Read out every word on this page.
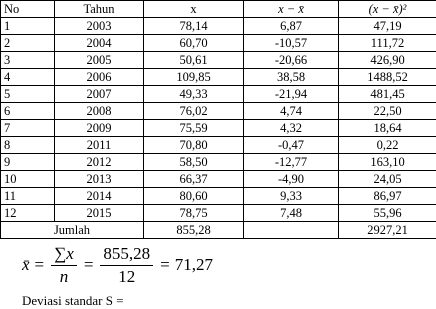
No	Tahun	x	x − x̄	(x − x̄)²
1	2003	78,14	6,87	47,19
2	2004	60,70	-10,57	111,72
3	2005	50,61	-20,66	426,90
4	2006	109,85	38,58	1488,52
5	2007	49,33	-21,94	481,45
6	2008	76,02	4,74	22,50
7	2009	75,59	4,32	18,64
8	2011	70,80	-0,47	0,22
9	2012	58,50	-12,77	163,10
10	2013	66,37	-4,90	24,05
11	2014	80,60	9,33	86,97
12	2015	78,75	7,48	55,96
Jumlah		855,28		2927,21
x̄ = $\frac{\sum x}{n} = \frac{855,28}{12} = 71,27$
Deviasi standar S =
